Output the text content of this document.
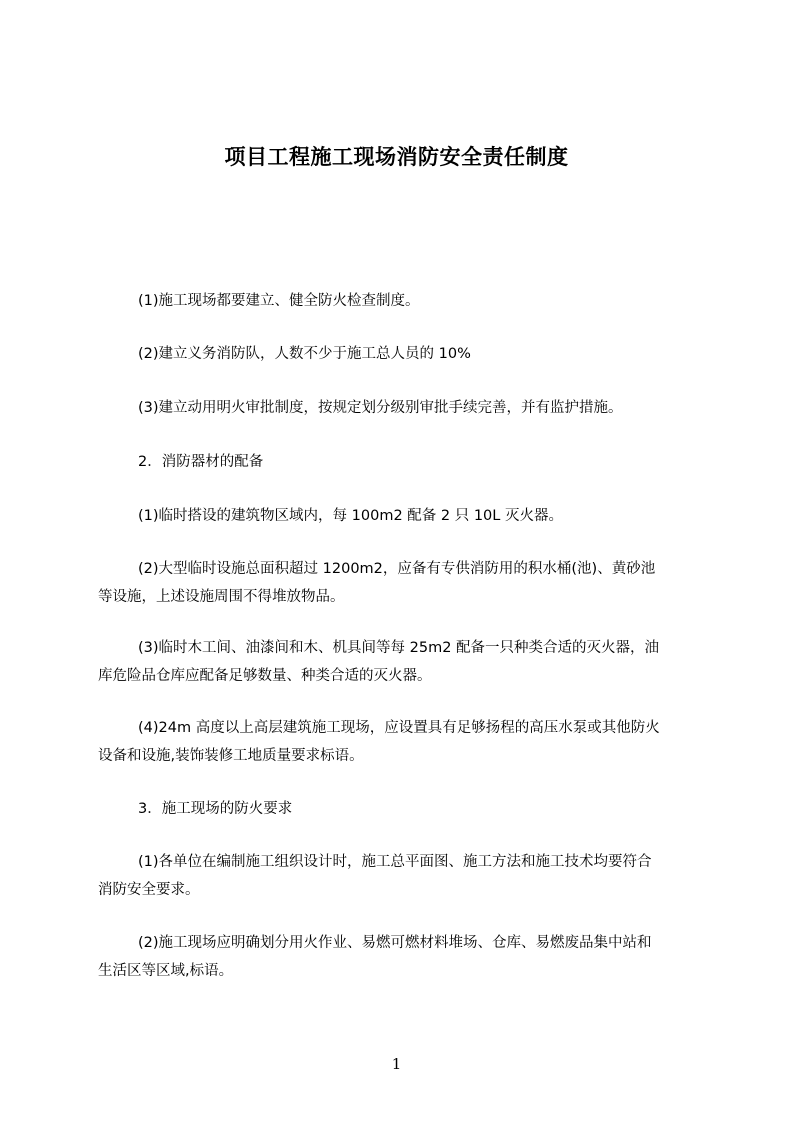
项目工程施工现场消防安全责任制度
(1)施工现场都要建立、健全防火检查制度。
(2)建立义务消防队，人数不少于施工总人员的 10%
(3)建立动用明火审批制度，按规定划分级别审批手续完善，并有监护措施。
2．消防器材的配备
(1)临时搭设的建筑物区域内，每 100m2 配备 2 只 10L 灭火器。
(2)大型临时设施总面积超过 1200m2，应备有专供消防用的积水桶(池)、黄砂池
等设施，上述设施周围不得堆放物品。
(3)临时木工间、油漆间和木、机具间等每 25m2 配备一只种类合适的灭火器，油
库危险品仓库应配备足够数量、种类合适的灭火器。
(4)24m 高度以上高层建筑施工现场，应设置具有足够扬程的高压水泵或其他防火
设备和设施,装饰装修工地质量要求标语。
3．施工现场的防火要求
(1)各单位在编制施工组织设计时，施工总平面图、施工方法和施工技术均要符合
消防安全要求。
(2)施工现场应明确划分用火作业、易燃可燃材料堆场、仓库、易燃废品集中站和
生活区等区域,标语。
1
